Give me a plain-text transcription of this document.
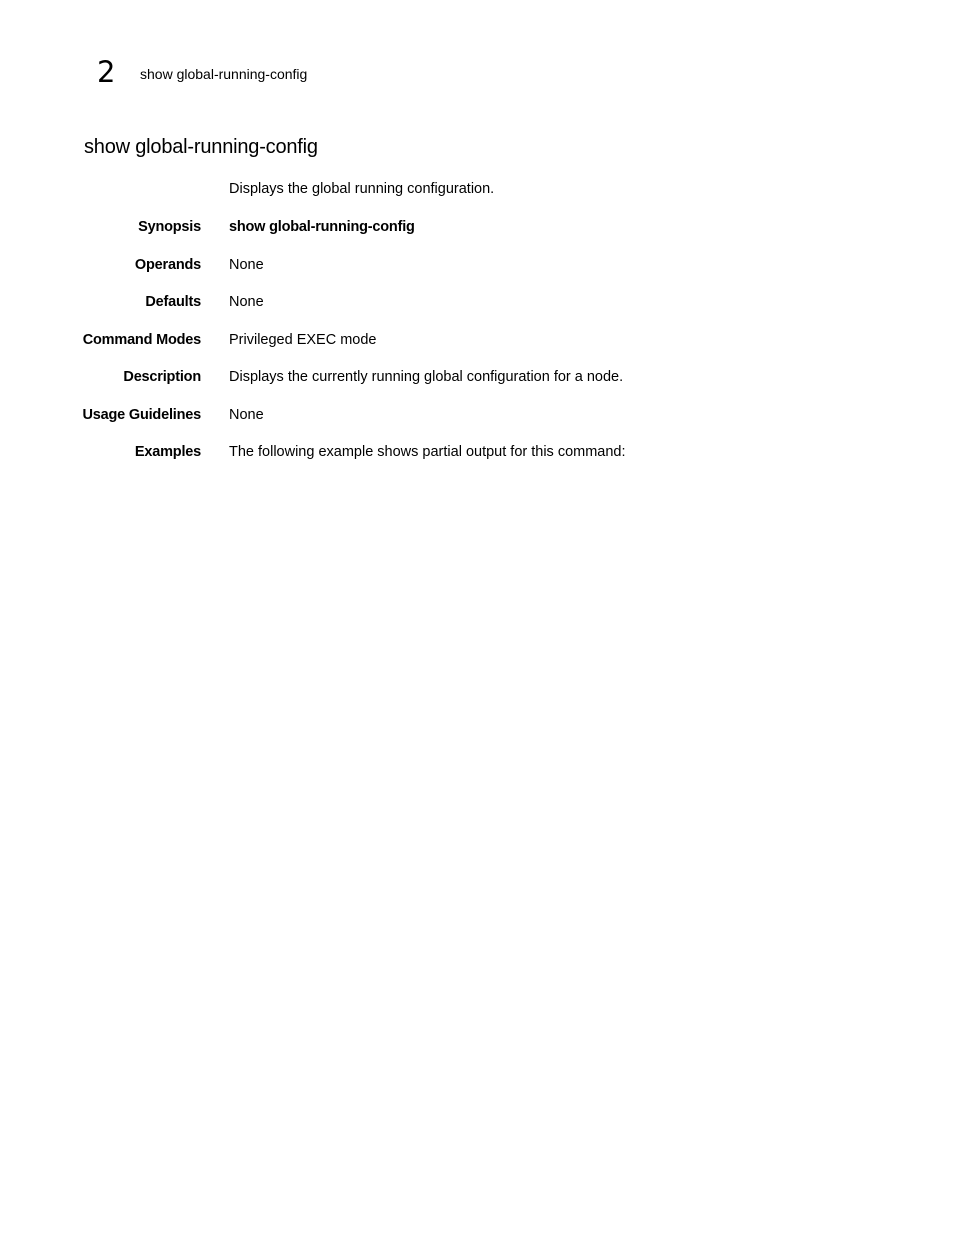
2	show global-running-config
show global-running-config
Displays the global running configuration.
Synopsis show global-running-config
Operands None
Defaults None
Command Modes Privileged EXEC mode
Description Displays the currently running global configuration for a node.
Usage Guidelines None
Examples The following example shows partial output for this command:
